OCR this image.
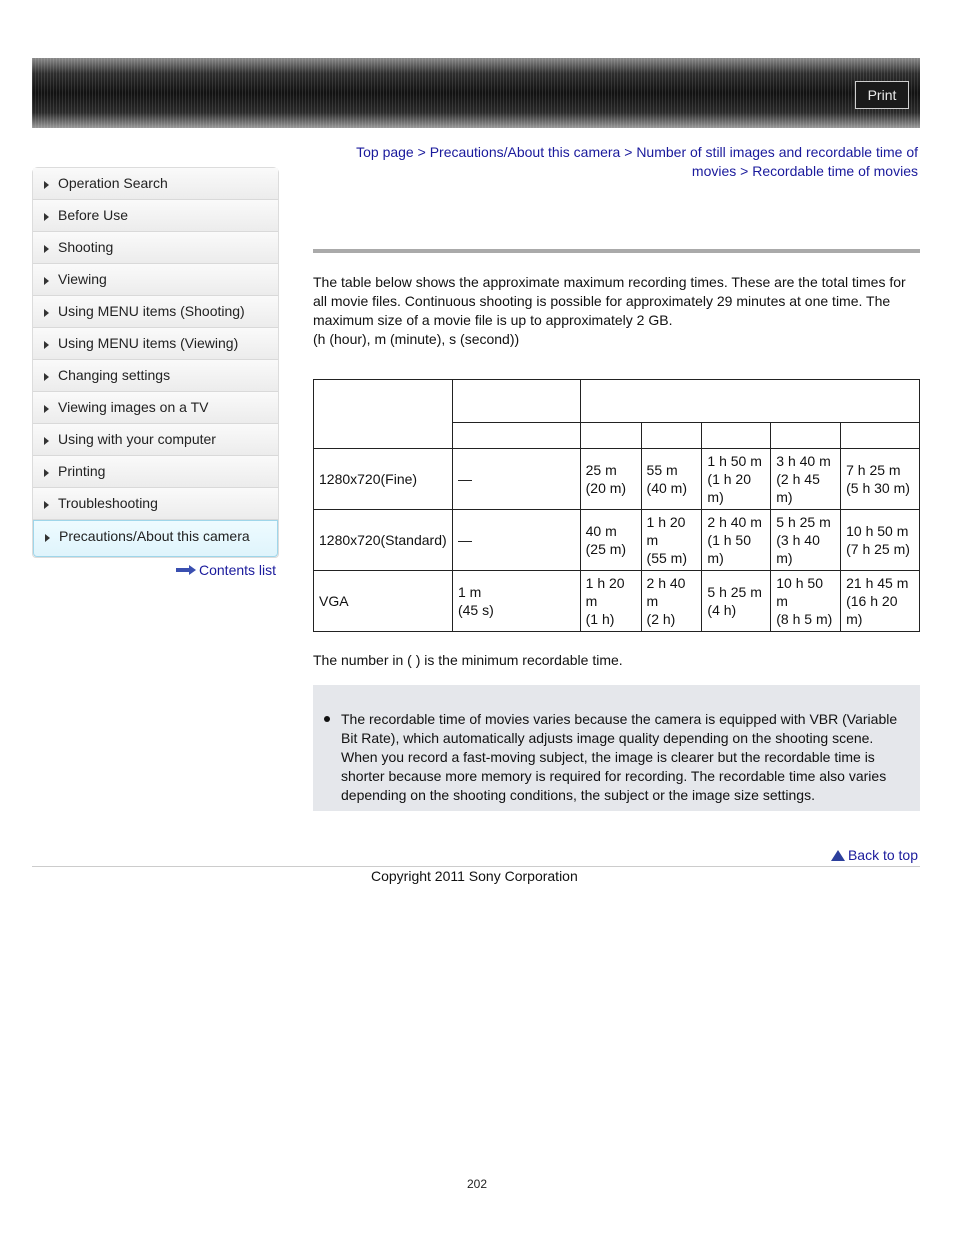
Print
Top page > Precautions/About this camera > Number of still images and recordable time of movies > Recordable time of movies
Operation Search
Before Use
Shooting
Viewing
Using MENU items (Shooting)
Using MENU items (Viewing)
Changing settings
Viewing images on a TV
Using with your computer
Printing
Troubleshooting
Precautions/About this camera
Contents list
The table below shows the approximate maximum recording times. These are the total times for all movie files. Continuous shooting is possible for approximately 29 minutes at one time. The maximum size of a movie file is up to approximately 2 GB.
(h (hour), m (minute), s (second))

1280x720(Fine)	—	25 m
(20 m)	55 m
(40 m)	1 h 50 m
(1 h 20
m)	3 h 40 m
(2 h 45
m)	7 h 25 m
(5 h 30 m)
1280x720(Standard)	—	40 m
(25 m)	1 h 20
m
(55 m)	2 h 40 m
(1 h 50
m)	5 h 25 m
(3 h 40
m)	10 h 50 m
(7 h 25 m)
VGA	1 m
(45 s)	1 h 20
m
(1 h)	2 h 40
m
(2 h)	5 h 25 m
(4 h)	10 h 50
m
(8 h 5 m)	21 h 45 m
(16 h 20
m)
The number in ( ) is the minimum recordable time.
The recordable time of movies varies because the camera is equipped with VBR (Variable Bit Rate), which automatically adjusts image quality depending on the shooting scene. When you record a fast-moving subject, the image is clearer but the recordable time is shorter because more memory is required for recording. The recordable time also varies depending on the shooting conditions, the subject or the image size settings.
Back to top
Copyright 2011 Sony Corporation
202
